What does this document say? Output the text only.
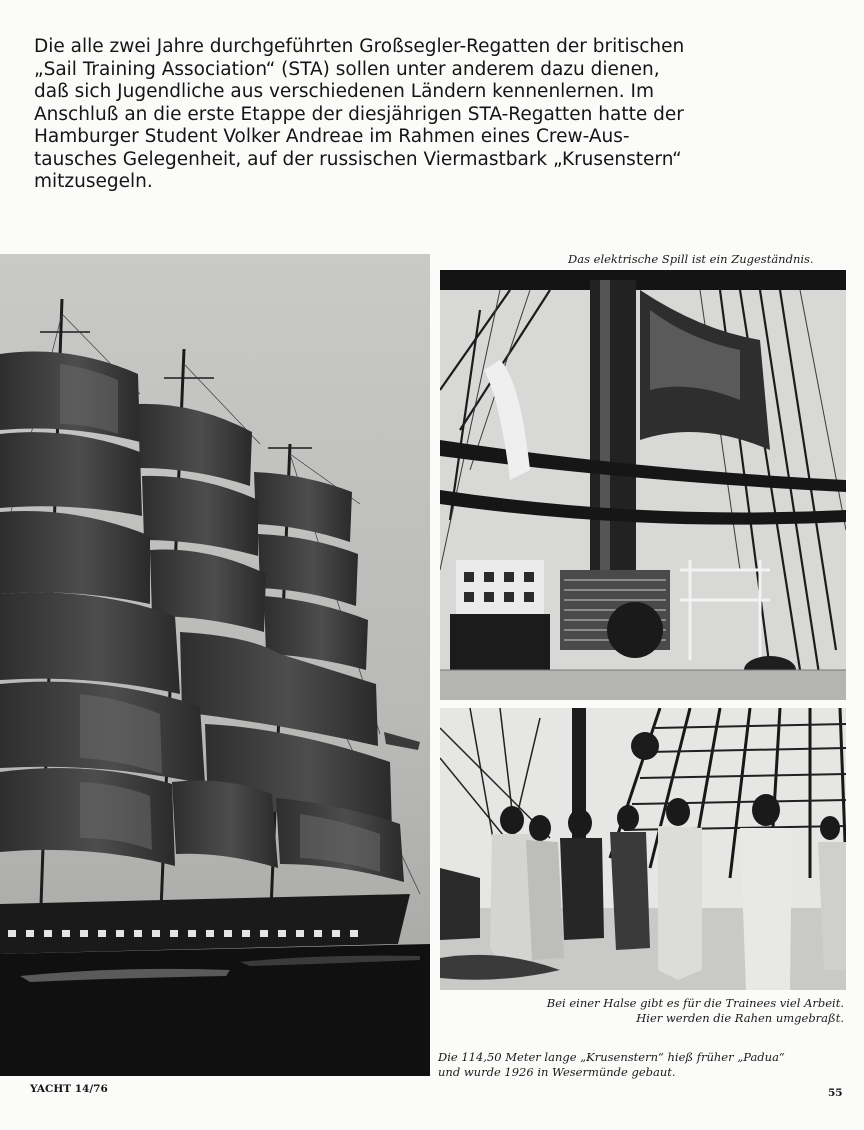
Die alle zwei Jahre durchgeführten Großsegler-Regatten der britischen
„Sail Training Association“ (STA) sollen unter anderem dazu dienen,
daß sich Jugendliche aus verschiedenen Ländern kennenlernen. Im
Anschluß an die erste Etappe der diesjährigen STA-Regatten hatte der
Hamburger Student Volker Andreae im Rahmen eines Crew-Aus-
tausches Gelegenheit, auf der russischen Viermastbark „Krusenstern“
mitzusegeln.
Das elektrische Spill ist ein Zugeständnis.
Bei einer Halse gibt es für die Trainees viel Arbeit.
Hier werden die Rahen umgebraßt.
Die 114,50 Meter lange „Krusenstern“ hieß früher „Padua“
und wurde 1926 in Wesermünde gebaut.
YACHT 14/76	55
